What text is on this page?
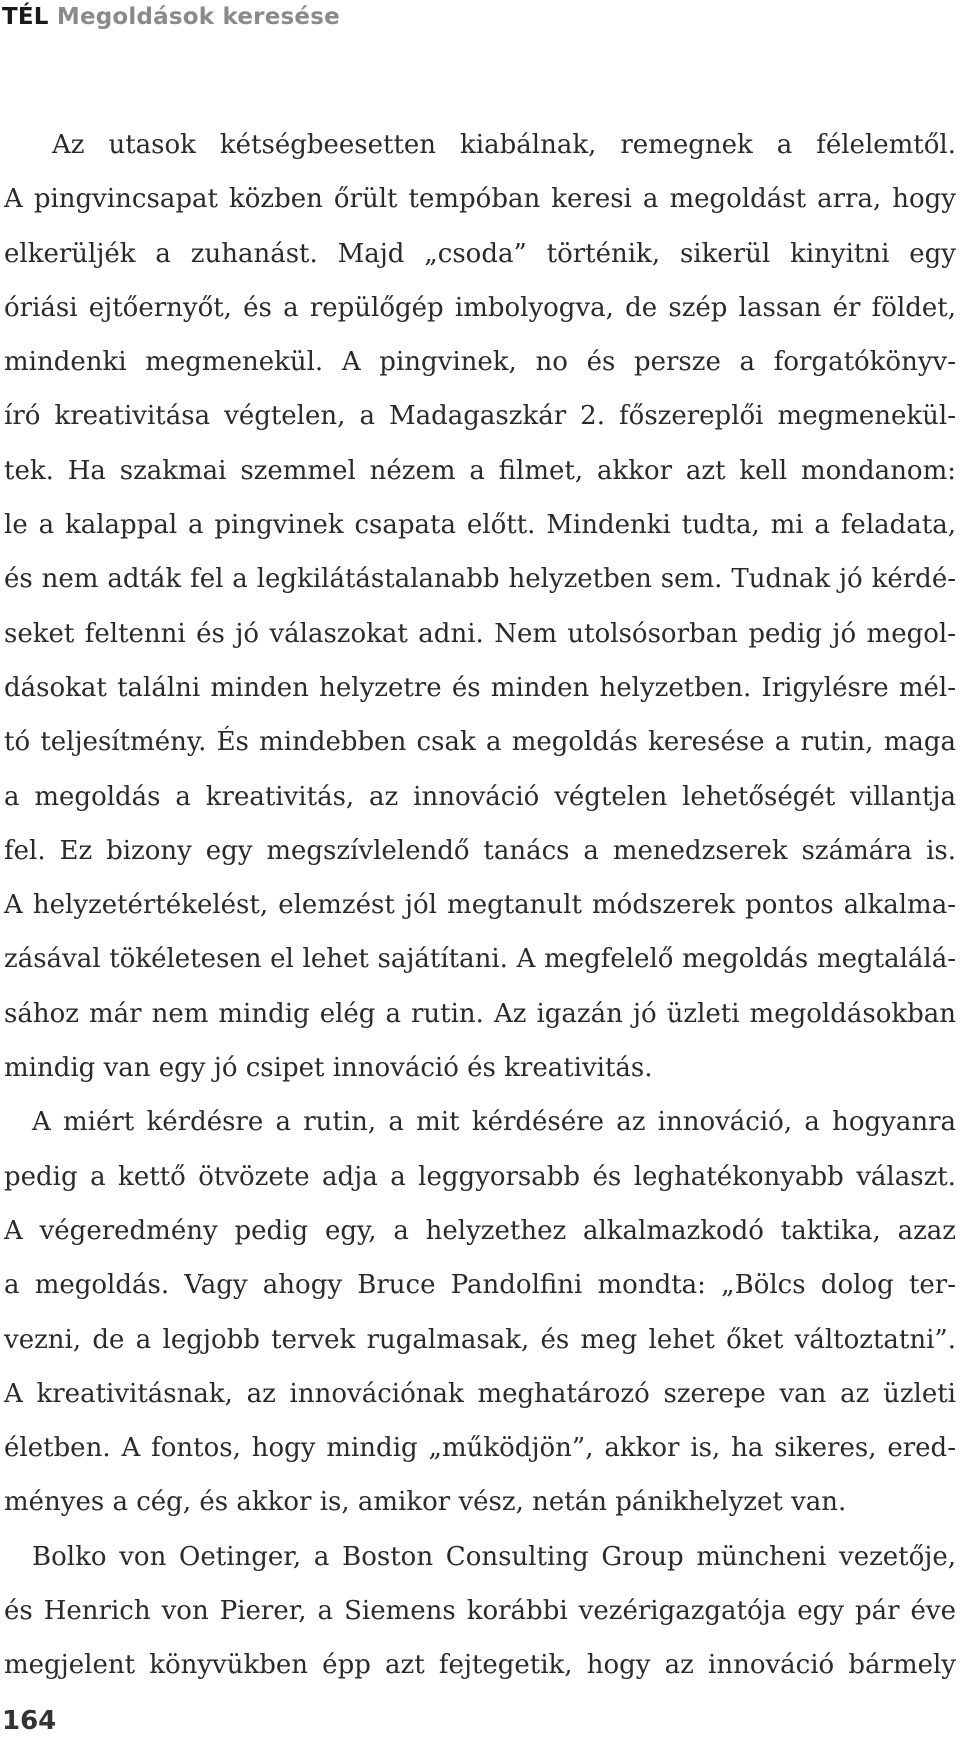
TÉL Megoldások keresése
Az utasok kétségbeesetten kiabálnak, remegnek a félelemtől.
A pingvincsapat közben őrült tempóban keresi a megoldást arra, hogy
elkerüljék a zuhanást. Majd „csoda” történik, sikerül kinyitni egy
óriási ejtőernyőt, és a repülőgép imbolyogva, de szép lassan ér földet,
mindenki megmenekül. A pingvinek, no és persze a forgatókönyv-
író kreativitása végtelen, a Madagaszkár 2. főszereplői megmenekül-
tek. Ha szakmai szemmel nézem a filmet, akkor azt kell mondanom:
le a kalappal a pingvinek csapata előtt. Mindenki tudta, mi a feladata,
és nem adták fel a legkilátástalanabb helyzetben sem. Tudnak jó kérdé-
seket feltenni és jó válaszokat adni. Nem utolsósorban pedig jó megol-
dásokat találni minden helyzetre és minden helyzetben. Irigylésre mél-
tó teljesítmény. És mindebben csak a megoldás keresése a rutin, maga
a megoldás a kreativitás, az innováció végtelen lehetőségét villantja
fel. Ez bizony egy megszívlelendő tanács a menedzserek számára is.
A helyzetértékelést, elemzést jól megtanult módszerek pontos alkalma-
zásával tökéletesen el lehet sajátítani. A megfelelő megoldás megtalálá-
sához már nem mindig elég a rutin. Az igazán jó üzleti megoldásokban
mindig van egy jó csipet innováció és kreativitás.
A miért kérdésre a rutin, a mit kérdésére az innováció, a hogyanra
pedig a kettő ötvözete adja a leggyorsabb és leghatékonyabb választ.
A végeredmény pedig egy, a helyzethez alkalmazkodó taktika, azaz
a megoldás. Vagy ahogy Bruce Pandolfini mondta: „Bölcs dolog ter-
vezni, de a legjobb tervek rugalmasak, és meg lehet őket változtatni”.
A kreativitásnak, az innovációnak meghatározó szerepe van az üzleti
életben. A fontos, hogy mindig „működjön”, akkor is, ha sikeres, ered-
ményes a cég, és akkor is, amikor vész, netán pánikhelyzet van.
Bolko von Oetinger, a Boston Consulting Group müncheni vezetője,
és Henrich von Pierer, a Siemens korábbi vezérigazgatója egy pár éve
megjelent könyvükben épp azt fejtegetik, hogy az innováció bármely
164
